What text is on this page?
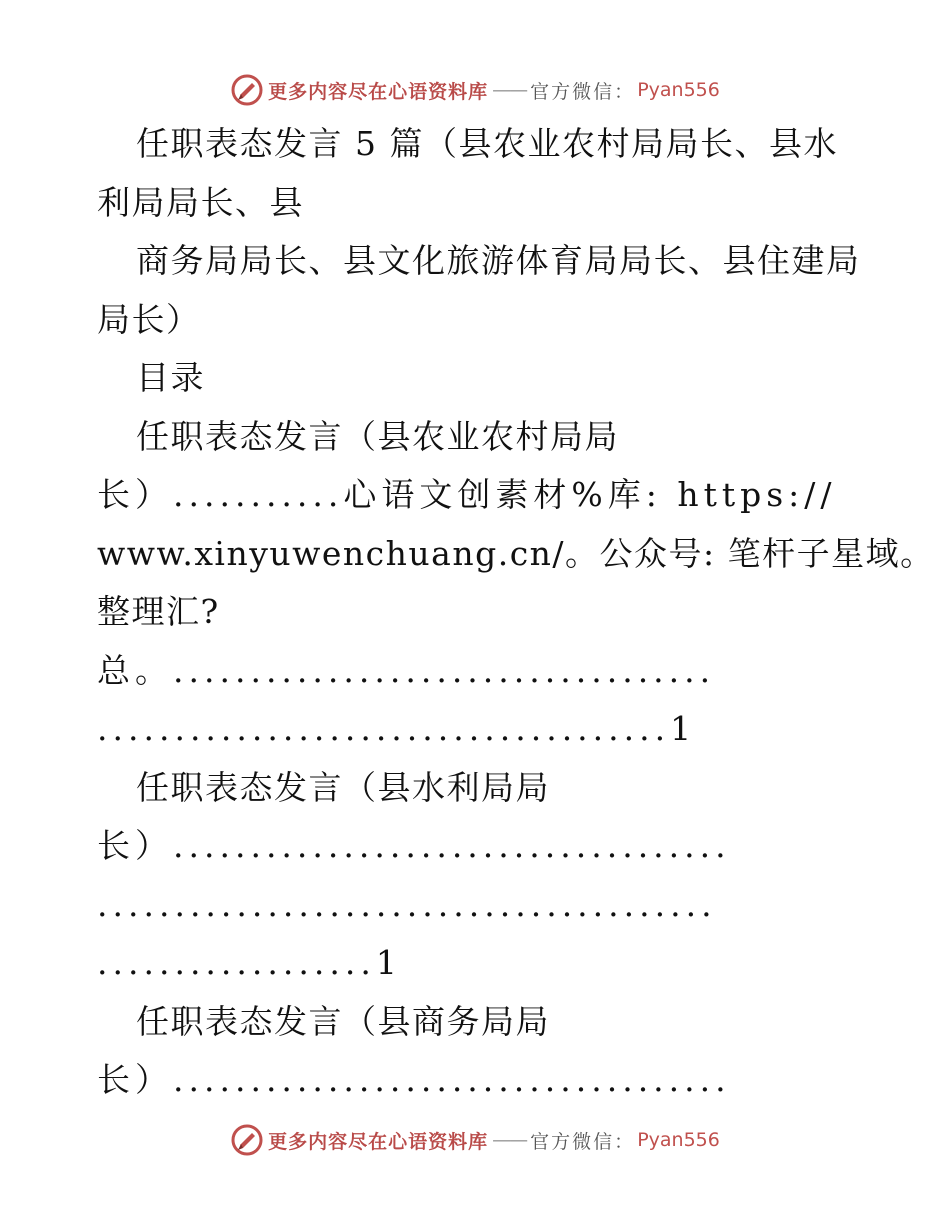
更多内容尽在心语资料库 —— 官方微信： Pyan556
任职表态发言 5 篇（县农业农村局局长、县水
利局局长、县
商务局局长、县文化旅游体育局局长、县住建局
局长）
目录
任职表态发言（县农业农村局局
长）...........心语文创素材%库: https://
www.xinyuwenchuang.cn/。公众号: 笔杆子星域。
整理汇?
总。...................................
.....................................1
任职表态发言（县水利局局
长）....................................
........................................
..................1
任职表态发言（县商务局局
长）....................................
更多内容尽在心语资料库 —— 官方微信： Pyan556
